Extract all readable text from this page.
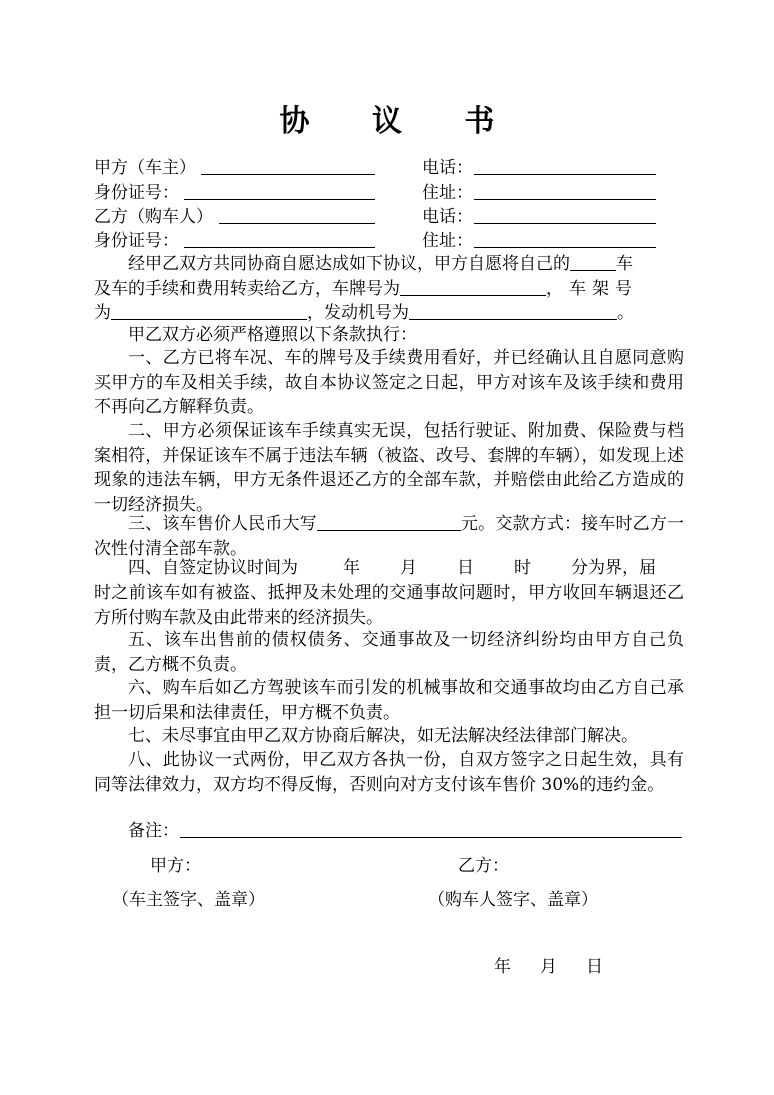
协 议 书
甲方（车主）	电话：
身份证号：	住址：
乙方（购车人）	电话：
身份证号：	住址：
经甲乙双方共同协商自愿达成如下协议，甲方自愿将自己的	车
及车的手续和费用转卖给乙方，车牌号为	，车架号
为	，发动机号为	。
甲乙双方必须严格遵照以下条款执行：
一、乙方已将车况、车的牌号及手续费用看好，并已经确认且自愿同意购买甲方的车及相关手续，故自本协议签定之日起，甲方对该车及该手续和费用不再向乙方解释负责。
二、甲方必须保证该车手续真实无误，包括行驶证、附加费、保险费与档案相符，并保证该车不属于违法车辆（被盗、改号、套牌的车辆），如发现上述现象的违法车辆，甲方无条件退还乙方的全部车款，并赔偿由此给乙方造成的一切经济损失。
三、该车售价人民币大写	元。交款方式：接车时乙方一次性付清全部车款。
四、自签定协议时间为	年 月 日 时 分为界，届
时之前该车如有被盗、抵押及未处理的交通事故问题时，甲方收回车辆退还乙方所付购车款及由此带来的经济损失。
五、该车出售前的债权债务、交通事故及一切经济纠纷均由甲方自己负责，乙方概不负责。
六、购车后如乙方驾驶该车而引发的机械事故和交通事故均由乙方自己承担一切后果和法律责任，甲方概不负责。
七、未尽事宜由甲乙双方协商后解决，如无法解决经法律部门解决。
八、此协议一式两份，甲乙双方各执一份，自双方签字之日起生效，具有同等法律效力，双方均不得反悔，否则向对方支付该车售价 30%的违约金。
备注：
甲方：	乙方：
（车主签字、盖章）	（购车人签字、盖章）
年 月 日
